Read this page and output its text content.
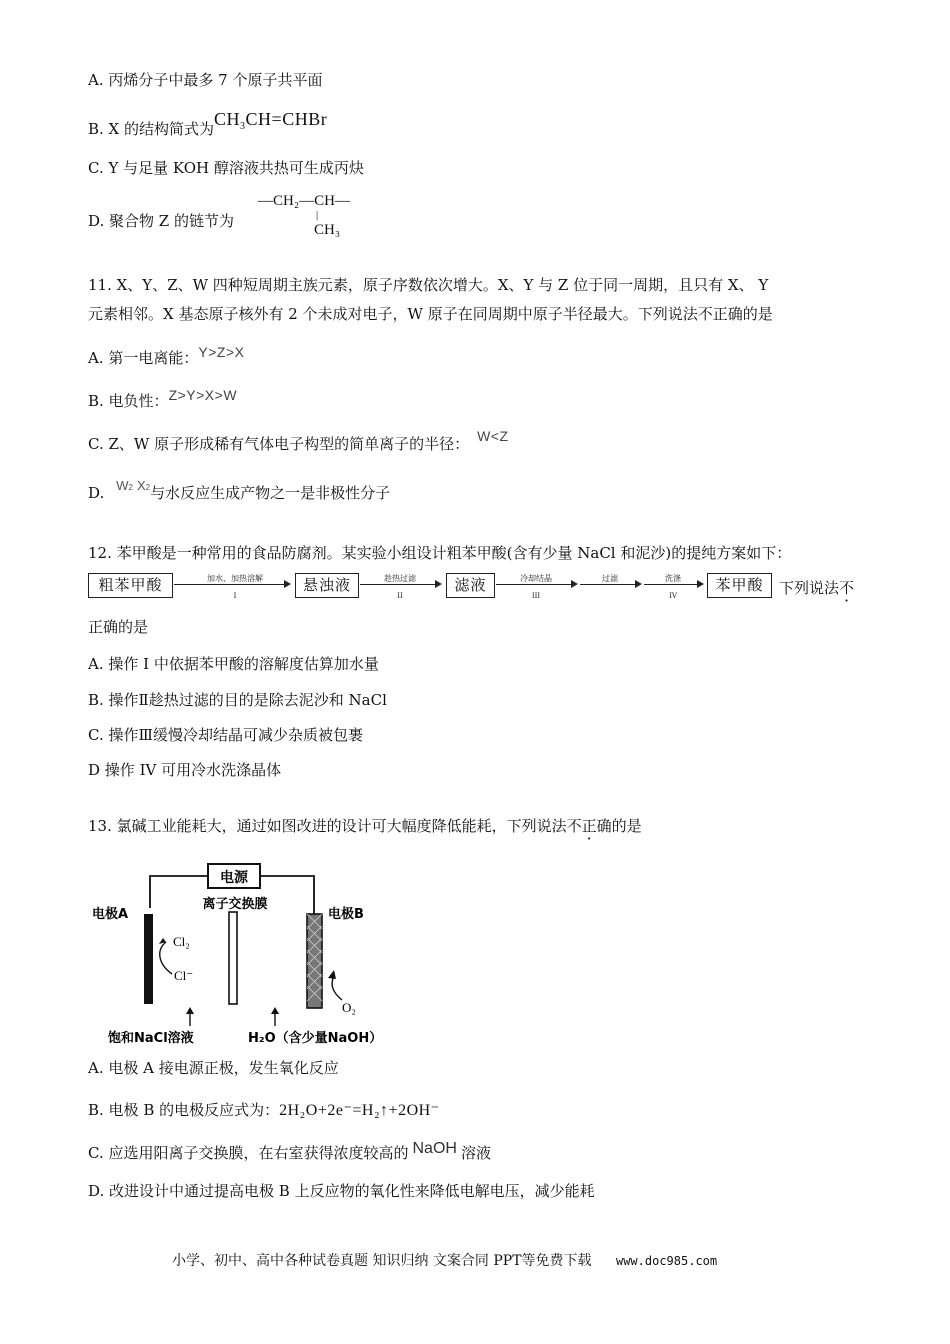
A. 丙烯分子中最多 7 个原子共平面
B. X 的结构简式为$CH_3CH=CHBr$
C. Y 与足量 KOH 醇溶液共热可生成丙炔
D. 聚合物 Z 的链节为
—CH₂—CH—
|
CH₃
11. X、Y、Z、W 四种短周期主族元素，原子序数依次增大。X、Y 与 Z 位于同一周期，且只有 X、 Y
元素相邻。X 基态原子核外有 2 个未成对电子，W 原子在同周期中原子半径最大。下列说法不正确的是
A. 第一电离能：Y>Z>X
B. 电负性：Z>Y>X>W
C. Z、W 原子形成稀有气体电子构型的简单离子的半径： W<Z
D. W2 X2与水反应生成产物之一是非极性分子
12. 苯甲酸是一种常用的食品防腐剂。某实验小组设计粗苯甲酸(含有少量 NaCl 和泥沙)的提纯方案如下：
粗苯甲酸	加水、加热溶解
I
悬浊液	趁热过滤
II
滤液	冷却结晶
III
过滤	洗涤
IV
苯甲酸	下列说法不
正确的是
A. 操作 I 中依据苯甲酸的溶解度估算加水量
B. 操作Ⅱ趁热过滤的目的是除去泥沙和 NaCl
C. 操作Ⅲ缓慢冷却结晶可减少杂质被包裹
D 操作 IV 可用冷水洗涤晶体
13. 氯碱工业能耗大，通过如图改进的设计可大幅度降低能耗，下列说法不正确的是
电源
电极A
离子交换膜
电极B
Cl₂
Cl⁻
O₂
饱和NaCl溶液	H₂O（含少量NaOH）
A. 电极 A 接电源正极，发生氧化反应
B. 电极 B 的电极反应式为：2H₂O+2e⁻=H₂↑+2OH⁻
C. 应选用阳离子交换膜，在右室获得浓度较高的 NaOH 溶液
D. 改进设计中通过提高电极 B 上反应物的氧化性来降低电解电压，减少能耗
小学、初中、高中各种试卷真题 知识归纳 文案合同 PPT等免费下载 www.doc985.com
